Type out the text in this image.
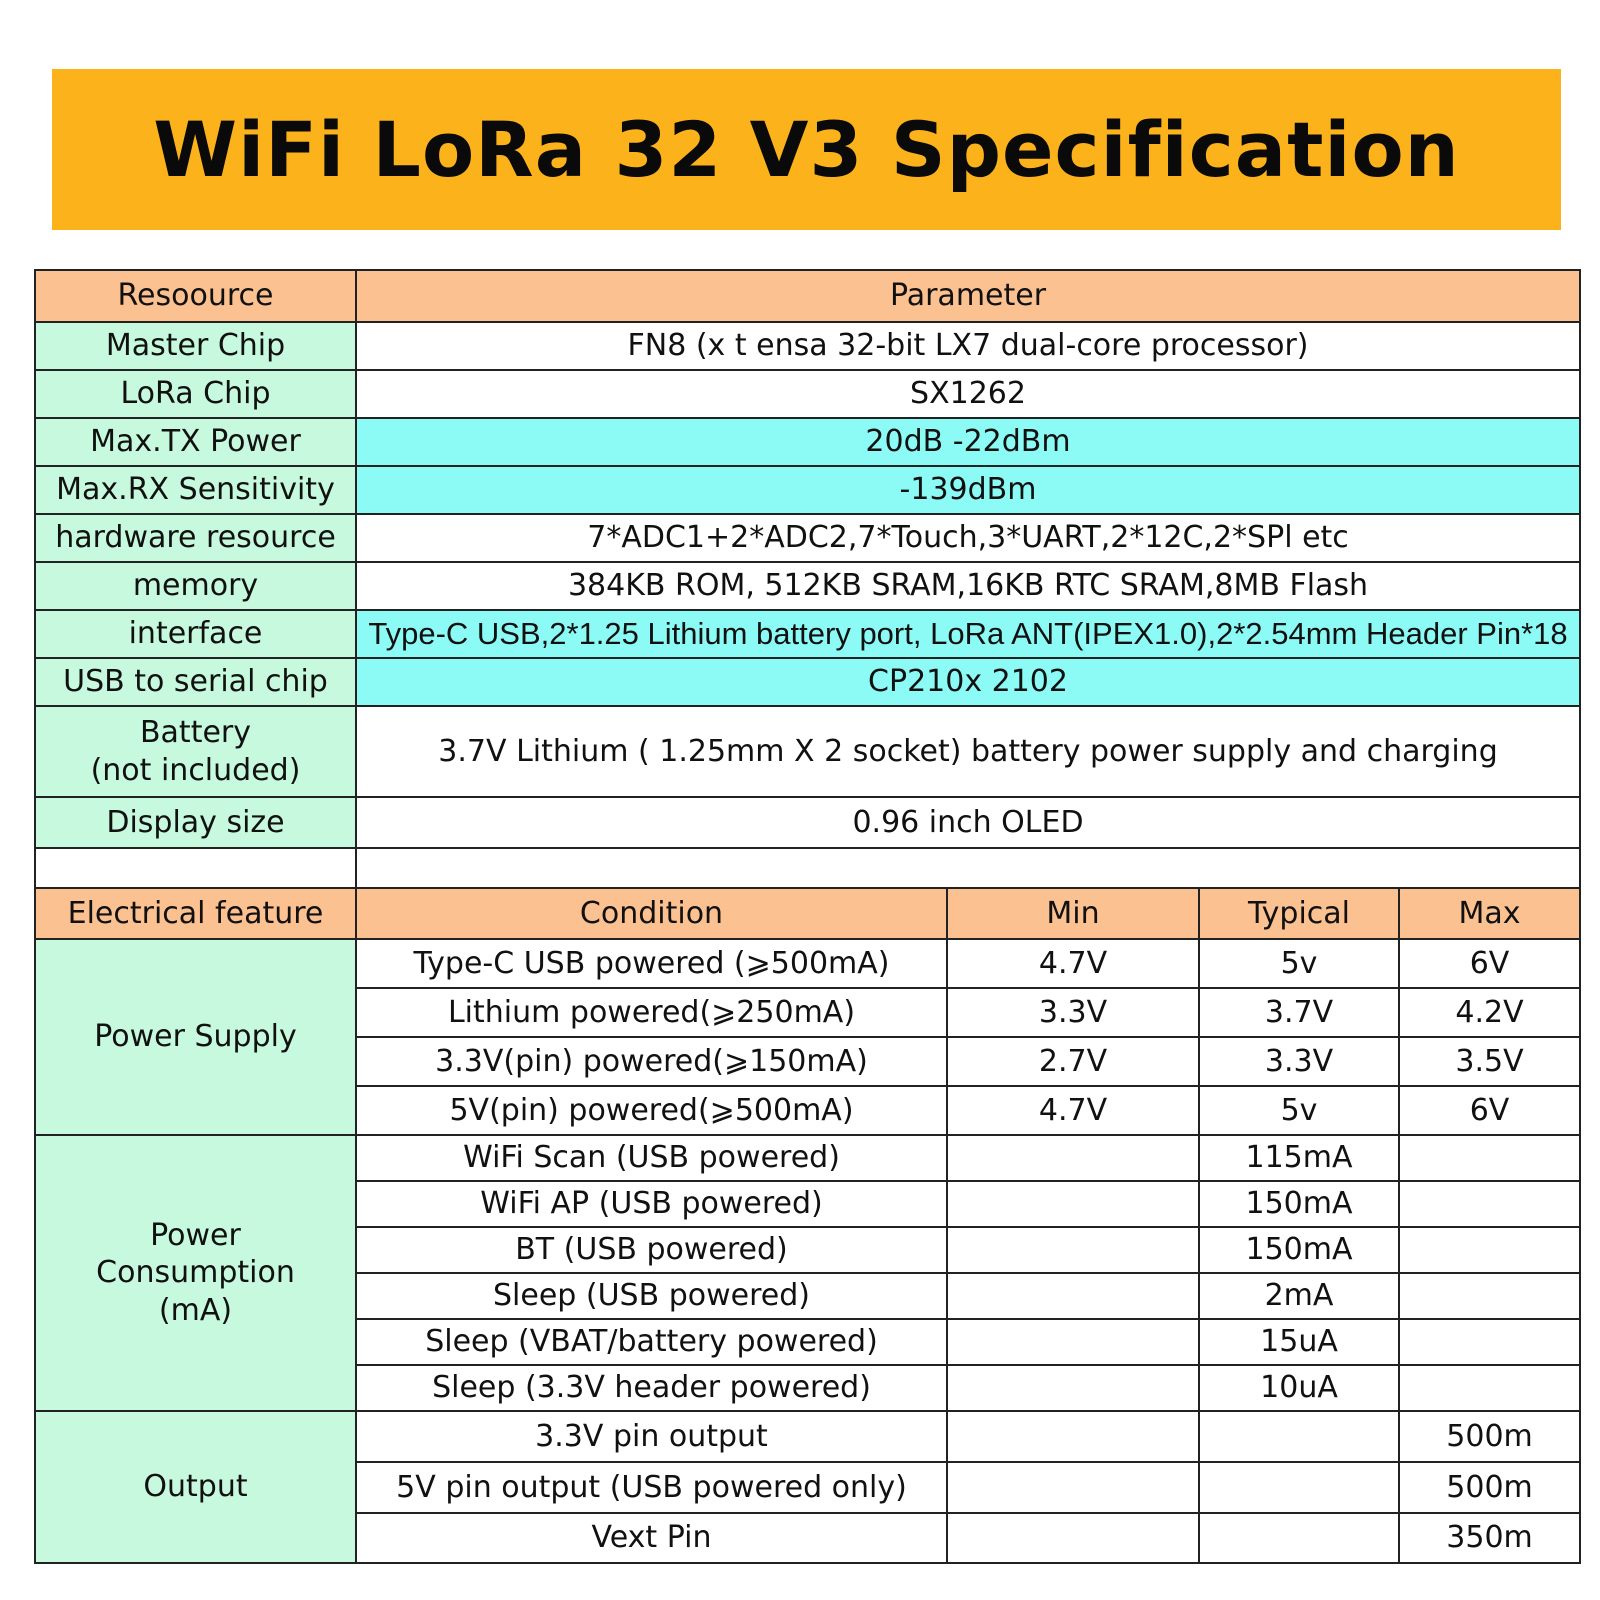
WiFi LoRa 32 V3 Specification
Resoource	Parameter			
Master Chip	FN8 (x t ensa 32-bit LX7 dual-core processor)			
LoRa Chip	SX1262			
Max.TX Power	20dB -22dBm			
Max.RX Sensitivity	-139dBm			
hardware resource	7*ADC1+2*ADC2,7*Touch,3*UART,2*12C,2*SPl etc			
memory	384KB ROM, 512KB SRAM,16KB RTC SRAM,8MB Flash			
interface	Type-C USB,2*1.25 Lithium battery port, LoRa ANT(IPEX1.0),2*2.54mm Header Pin*18			
USB to serial chip	CP210x 2102			

Battery
(not included)	3.7V Lithium ( 1.25mm X 2 socket) battery power supply and charging			
Display size	0.96 inch OLED			

Electrical feature	Condition	Min	Typical	Max
Power Supply	Type-C USB powered (⩾500mA)	4.7V	5v	6V
	Lithium powered(⩾250mA)	3.3V	3.7V	4.2V
	3.3V(pin) powered(⩾150mA)	2.7V	3.3V	3.5V
	5V(pin) powered(⩾500mA)	4.7V	5v	6V

Power
Consumption
(mA)	WiFi Scan (USB powered)		115mA	
	WiFi AP (USB powered)		150mA	
	BT (USB powered)		150mA	
	Sleep (USB powered)		2mA	
	Sleep (VBAT/battery powered)		15uA	
	Sleep (3.3V header powered)		10uA	
Output	3.3V pin output			500m
	5V pin output (USB powered only)			500m
	Vext Pin			350m
